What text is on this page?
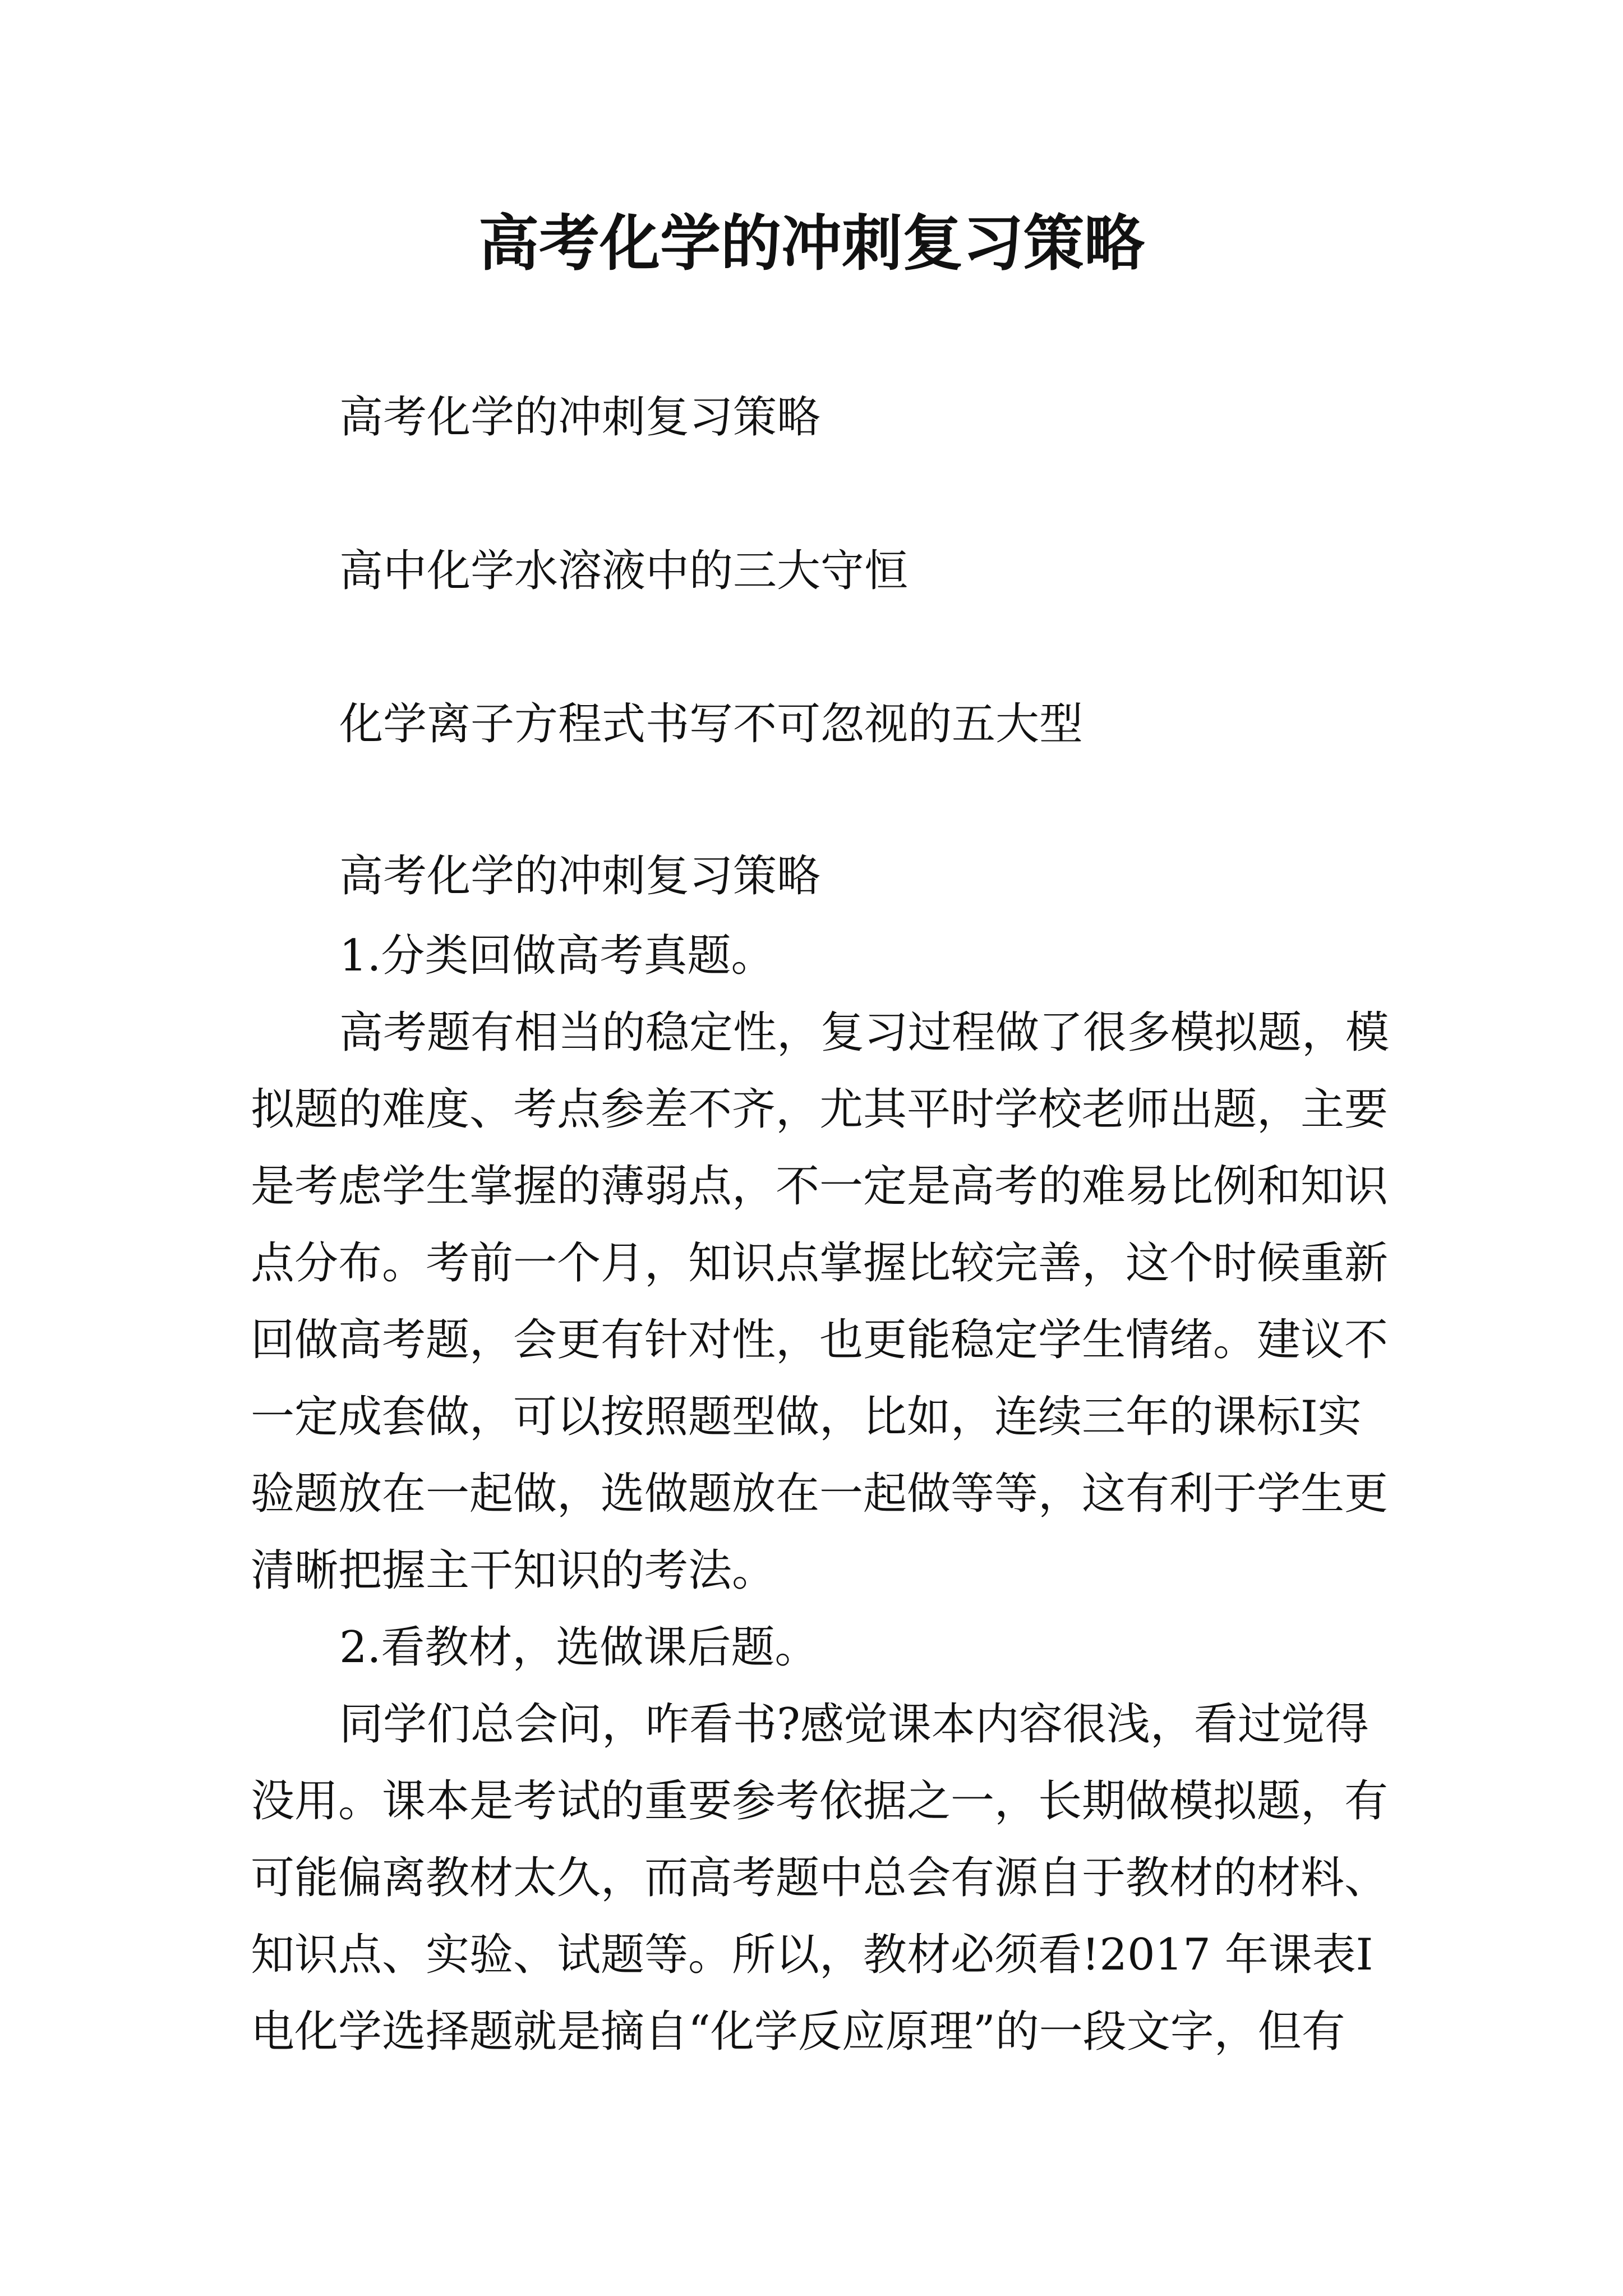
高考化学的冲刺复习策略
高考化学的冲刺复习策略
高中化学水溶液中的三大守恒
化学离子方程式书写不可忽视的五大型
高考化学的冲刺复习策略
1.分类回做高考真题。
高考题有相当的稳定性，复习过程做了很多模拟题，模
拟题的难度、考点参差不齐，尤其平时学校老师出题，主要
是考虑学生掌握的薄弱点，不一定是高考的难易比例和知识
点分布。考前一个月，知识点掌握比较完善，这个时候重新
回做高考题，会更有针对性，也更能稳定学生情绪。建议不
一定成套做，可以按照题型做，比如，连续三年的课标Ⅰ实
验题放在一起做，选做题放在一起做等等，这有利于学生更
清晰把握主干知识的考法。
2.看教材，选做课后题。
同学们总会问，咋看书?感觉课本内容很浅，看过觉得
没用。课本是考试的重要参考依据之一，长期做模拟题，有
可能偏离教材太久，而高考题中总会有源自于教材的材料、
知识点、实验、试题等。所以，教材必须看!2017 年课表Ⅰ
电化学选择题就是摘自“化学反应原理”的一段文字，但有
